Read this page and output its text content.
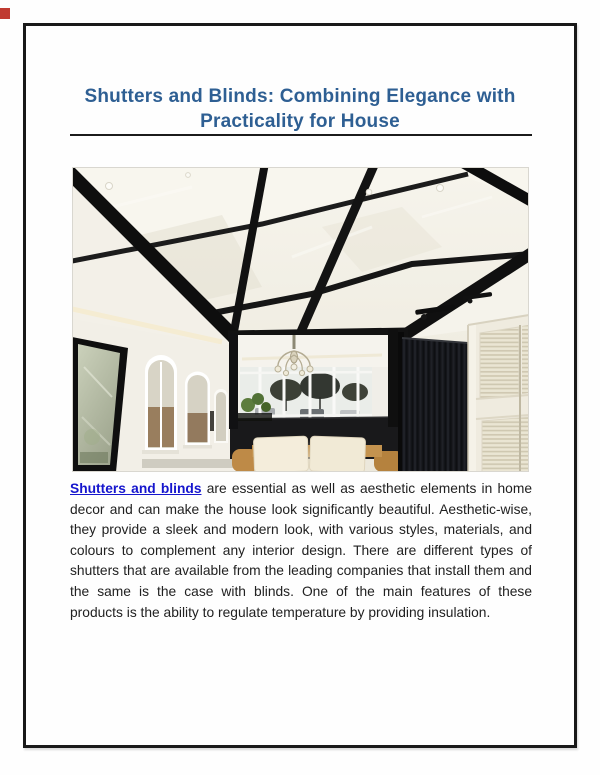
Shutters and Blinds: Combining Elegance with
Practicality for House

Shutters and blinds are essential as well as aesthetic elements in home decor and can make the house look significantly beautiful. Aesthetic-wise, they provide a sleek and modern look, with various styles, materials, and colours to complement any interior design. There are different types of shutters that are available from the leading companies that install them and the same is the case with blinds. One of the main features of these products is the ability to regulate temperature by providing insulation.
